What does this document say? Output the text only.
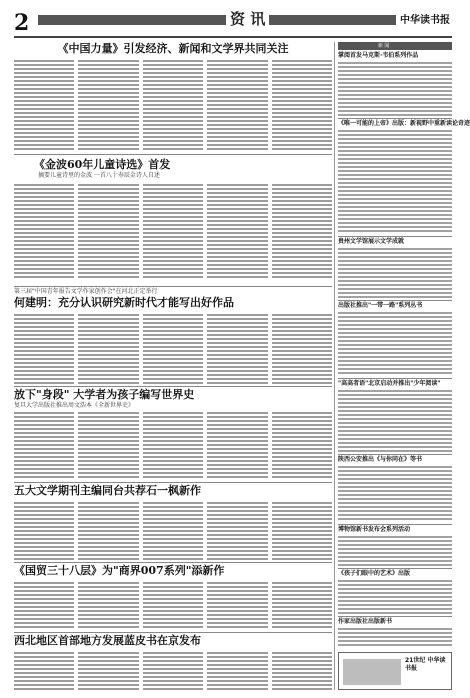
2	资 讯	中华读书报

《中国力量》引发经济、新闻和文学界共同关注

《金波60年儿童诗选》首发

摘要儿童诗里的金波 一首八十寿辰金诗人自述

第三届"中国青年报告文学作家创作会"在河北正定举行

何建明：充分认识研究新时代才能写出好作品

放下"身段" 大学者为孩子编写世界史

复旦大学出版社推出周文浩本《全新世界史》

五大文学期刊主编同台共荐石一枫新作

《国贸三十八层》为"商界007系列"添新作

西北地区首部地方发展蓝皮书在京发布

新 闻

掌阅首发马克斯·韦伯系列作品

《唯一可能的上帝》出版：新视野中重新读论奇迹

贵州文学馆展示文学成就

出版社推出"一带一路"系列丛书

"高高者语"北京启动并推出"少年阅读"

陕西公安推出《与你同在》等书

博物馆新书发布会系列活动

《孩子们眼中的艺术》出版

作家出版社出版新书

21世纪 中华读书报
